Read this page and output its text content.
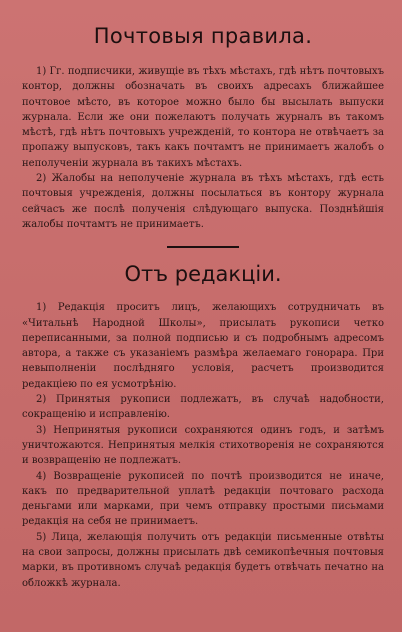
Почтовыя правила.

1) Гг. подписчики, живущіе въ тѣхъ мѣстахъ, гдѣ нѣтъ почтовыхъ контор, должны обозначать въ своихъ адресахъ ближайшее почтовое мѣсто, въ которое можно было бы высылать выпуски журнала. Если же они пожелаютъ получать журналъ въ такомъ мѣстѣ, гдѣ нѣтъ почтовыхъ учрежденій, то контора не отвѣчаетъ за пропажу выпусковъ, такъ какъ почтамтъ не принимаетъ жалобъ о неполученіи журнала въ такихъ мѣстахъ.

2) Жалобы на неполученіе журнала въ тѣхъ мѣстахъ, гдѣ есть почтовыя учрежденія, должны посылаться въ контору журнала сейчасъ же послѣ полученія слѣдующаго выпуска. Позднѣйшія жалобы почтамтъ не принимаетъ.

Отъ редакціи.

1) Редакція проситъ лицъ, желающихъ сотрудничать въ «Читальнѣ Народной Школы», присылать рукописи четко переписанными, за полной подписью и съ подробнымъ адресомъ автора, а также съ указаніемъ размѣра желаемаго гонорара. При невыполненіи послѣдняго условія, расчетъ производится редакціею по ея усмотрѣнію.

2) Принятыя рукописи подлежатъ, въ случаѣ надобности, сокращенію и исправленію.

3) Непринятыя рукописи сохраняются одинъ годъ, и затѣмъ уничтожаются. Непринятыя мелкія стихотворенія не сохраняются и возвращенію не подлежатъ.

4) Возвращеніе рукописей по почтѣ производится не иначе, какъ по предварительной уплатѣ редакціи почтоваго расхода деньгами или марками, при чемъ отправку простыми письмами редакція на себя не принимаетъ.

5) Лица, желающія получить отъ редакціи письменные отвѣты на свои запросы, должны присылать двѣ семикопѣечныя почтовыя марки, въ противномъ случаѣ редакція будетъ отвѣчать печатно на обложкѣ журнала.
